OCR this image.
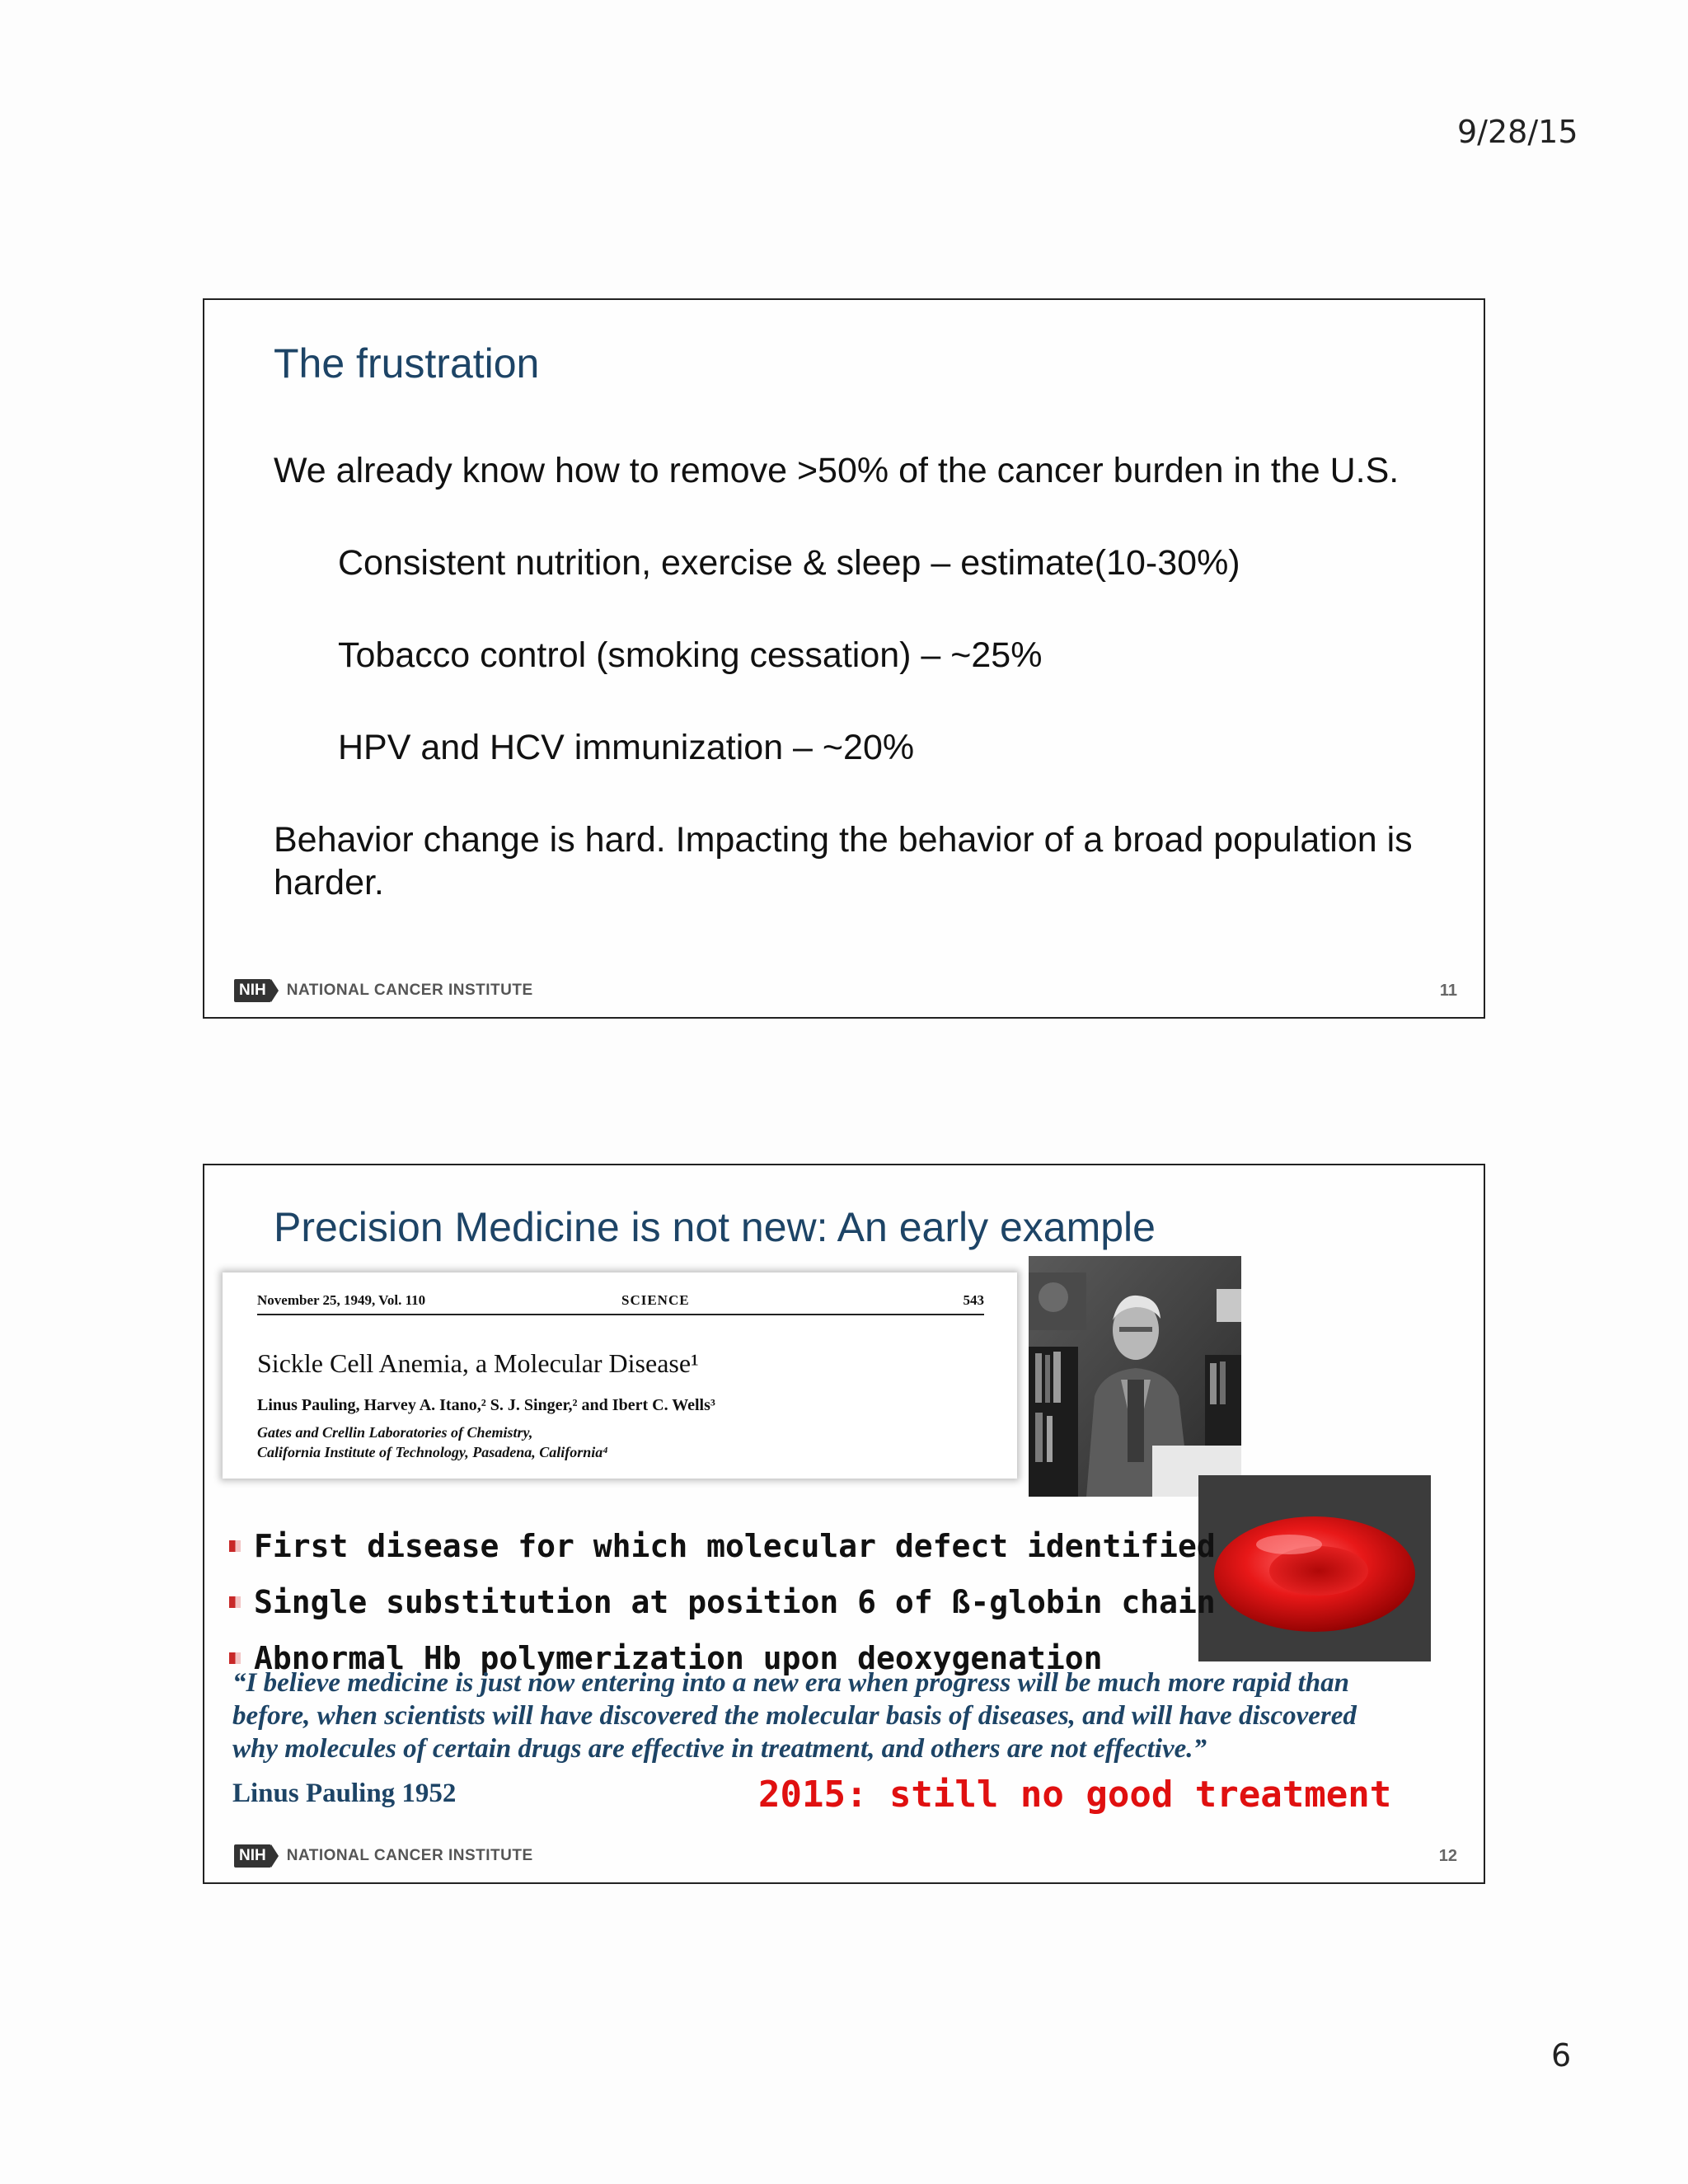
9/28/15
The frustration
We already know how to remove >50% of the cancer burden in the U.S.
Consistent nutrition, exercise & sleep – estimate(10-30%)
Tobacco control (smoking cessation) – ~25%
HPV and HCV immunization – ~20%
Behavior change is hard. Impacting the behavior of a broad population is
harder.
NIH	NATIONAL CANCER INSTITUTE	11
Precision Medicine is not new: An early example
November 25, 1949, Vol. 110	SCIENCE	543
Sickle Cell Anemia, a Molecular Disease¹
Linus Pauling, Harvey A. Itano,² S. J. Singer,² and Ibert C. Wells³
Gates and Crellin Laboratories of Chemistry,
California Institute of Technology, Pasadena, California⁴
First disease for which molecular defect identified
Single substitution at position 6 of ß-globin chain
Abnormal Hb polymerization upon deoxygenation
“I believe medicine is just now entering into a new era when progress will be much more rapid than before, when scientists will have discovered the molecular basis of diseases, and will have discovered why molecules of certain drugs are effective in treatment, and others are not effective.”
Linus Pauling 1952	2015: still no good treatment
NIH	NATIONAL CANCER INSTITUTE	12
6
